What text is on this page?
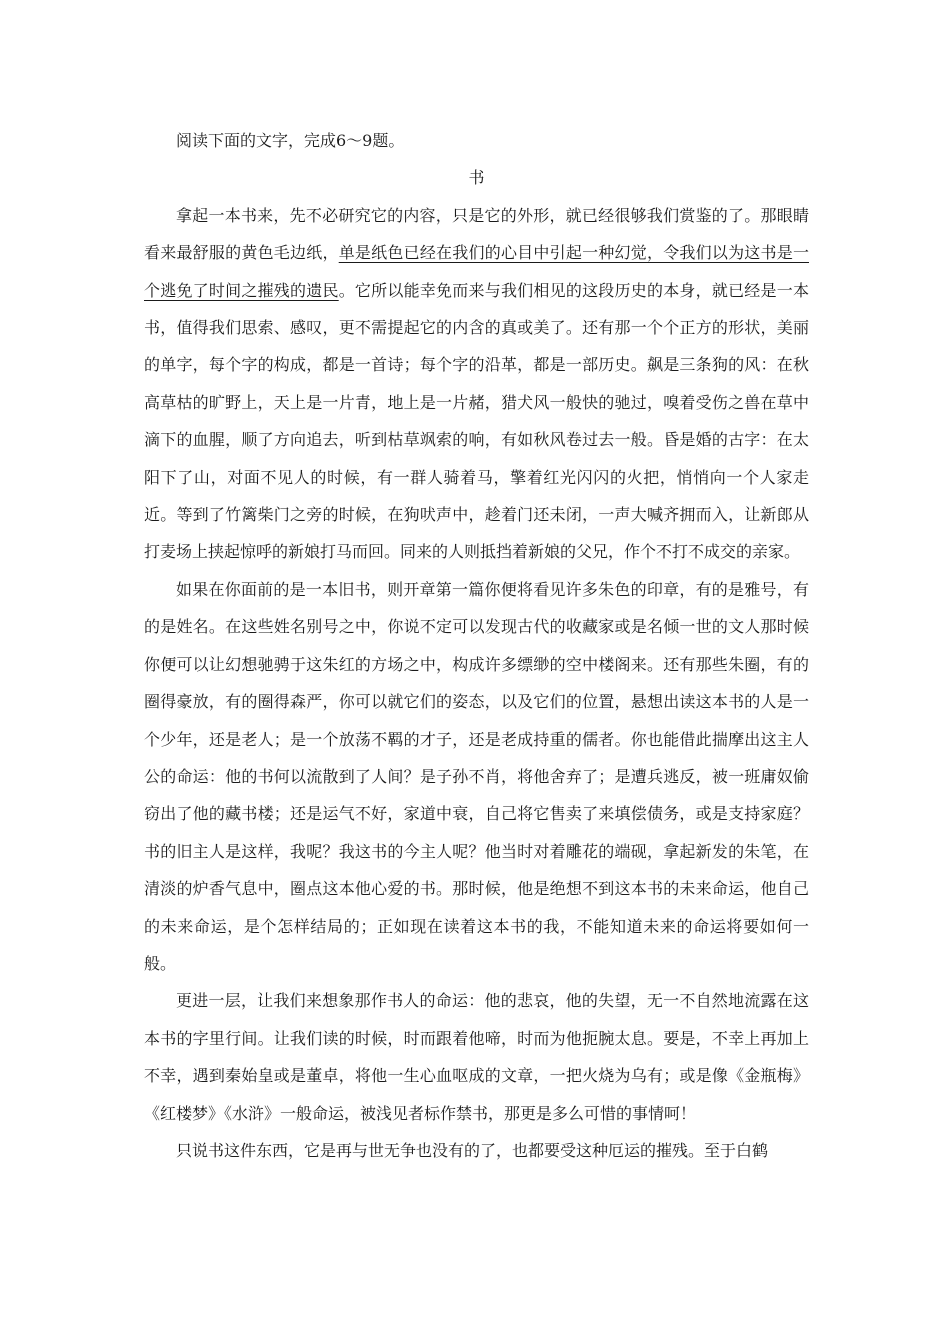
阅读下面的文字，完成6～9题。

书

拿起一本书来，先不必研究它的内容，只是它的外形，就已经很够我们赏鉴的了。那眼睛看来最舒服的黄色毛边纸，单是纸色已经在我们的心目中引起一种幻觉，令我们以为这书是一个逃免了时间之摧残的遗民。它所以能幸免而来与我们相见的这段历史的本身，就已经是一本书，值得我们思索、感叹，更不需提起它的内含的真或美了。还有那一个个正方的形状，美丽的单字，每个字的构成，都是一首诗；每个字的沿革，都是一部历史。飙是三条狗的风：在秋高草枯的旷野上，天上是一片青，地上是一片赭，猎犬风一般快的驰过，嗅着受伤之兽在草中滴下的血腥，顺了方向追去，听到枯草飒索的响，有如秋风卷过去一般。昏是婚的古字：在太阳下了山，对面不见人的时候，有一群人骑着马，擎着红光闪闪的火把，悄悄向一个人家走近。等到了竹篱柴门之旁的时候，在狗吠声中，趁着门还未闭，一声大喊齐拥而入，让新郎从打麦场上挟起惊呼的新娘打马而回。同来的人则抵挡着新娘的父兄，作个不打不成交的亲家。

如果在你面前的是一本旧书，则开章第一篇你便将看见许多朱色的印章，有的是雅号，有的是姓名。在这些姓名别号之中，你说不定可以发现古代的收藏家或是名倾一世的文人那时候你便可以让幻想驰骋于这朱红的方场之中，构成许多缥缈的空中楼阁来。还有那些朱圈，有的圈得豪放，有的圈得森严，你可以就它们的姿态，以及它们的位置，悬想出读这本书的人是一个少年，还是老人；是一个放荡不羁的才子，还是老成持重的儒者。你也能借此揣摩出这主人公的命运：他的书何以流散到了人间？是子孙不肖，将他舍弃了；是遭兵逃反，被一班庸奴偷窃出了他的藏书楼；还是运气不好，家道中衰，自己将它售卖了来填偿债务，或是支持家庭？书的旧主人是这样，我呢？我这书的今主人呢？他当时对着雕花的端砚，拿起新发的朱笔，在清淡的炉香气息中，圈点这本他心爱的书。那时候，他是绝想不到这本书的未来命运，他自己的未来命运，是个怎样结局的；正如现在读着这本书的我，不能知道未来的命运将要如何一般。

更进一层，让我们来想象那作书人的命运：他的悲哀，他的失望，无一不自然地流露在这本书的字里行间。让我们读的时候，时而跟着他啼，时而为他扼腕太息。要是，不幸上再加上不幸，遇到秦始皇或是董卓，将他一生心血呕成的文章，一把火烧为乌有；或是像《金瓶梅》《红楼梦》《水浒》一般命运，被浅见者标作禁书，那更是多么可惜的事情呵！

只说书这件东西，它是再与世无争也没有的了，也都要受这种厄运的摧残。至于白鹤
